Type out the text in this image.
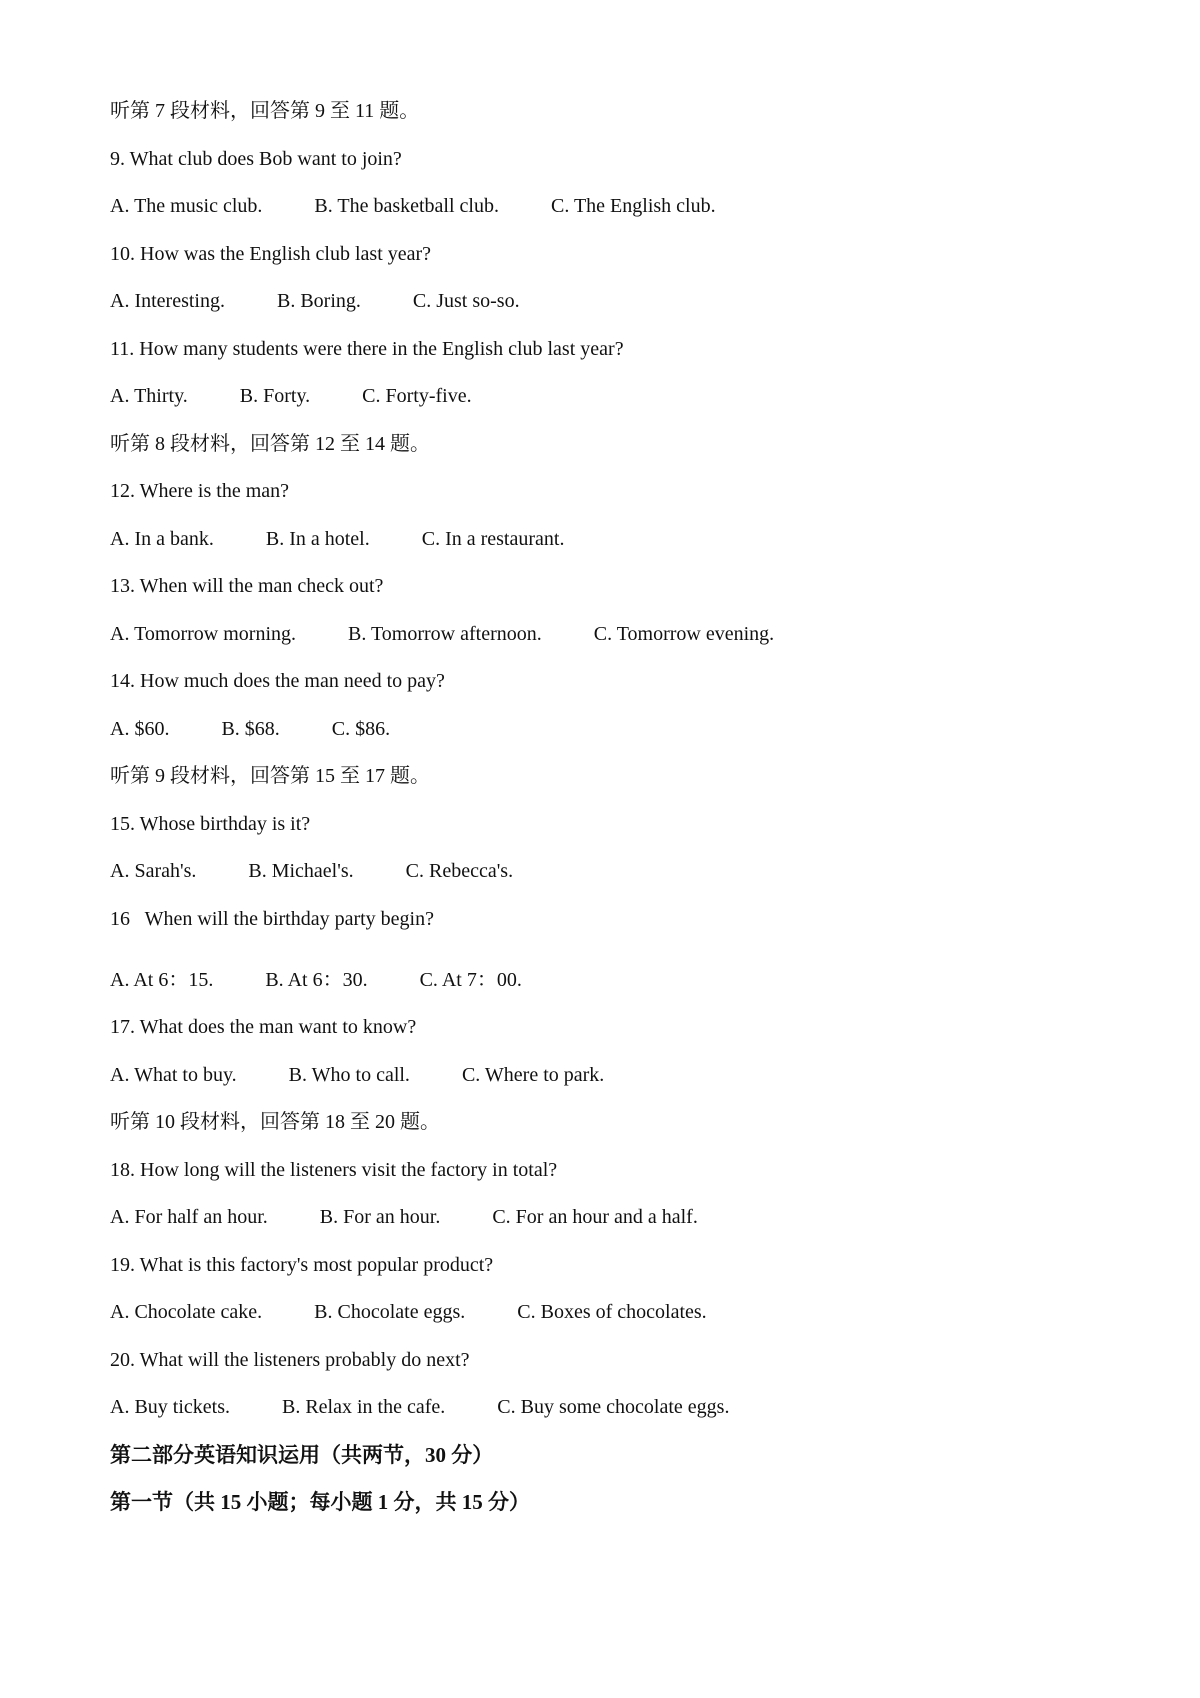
听第 7 段材料，回答第 9 至 11 题。
9. What club does Bob want to join?
A. The music club.	B. The basketball club.	C. The English club.
10. How was the English club last year?
A. Interesting.	B. Boring.	C. Just so-so.
11. How many students were there in the English club last year?
A. Thirty.	B. Forty.	C. Forty-five.
听第 8 段材料，回答第 12 至 14 题。
12. Where is the man?
A. In a bank.	B. In a hotel.	C. In a restaurant.
13. When will the man check out?
A. Tomorrow morning.	B. Tomorrow afternoon.	C. Tomorrow evening.
14. How much does the man need to pay?
A. $60.	B. $68.	C. $86.
听第 9 段材料，回答第 15 至 17 题。
15. Whose birthday is it?
A. Sarah's.	B. Michael's.	C. Rebecca's.
16   When will the birthday party begin?
A. At 6：15.	B. At 6：30.	C. At 7：00.
17. What does the man want to know?
A. What to buy.	B. Who to call.	C. Where to park.
听第 10 段材料，回答第 18 至 20 题。
18. How long will the listeners visit the factory in total?
A. For half an hour.	B. For an hour.	C. For an hour and a half.
19. What is this factory's most popular product?
A. Chocolate cake.	B. Chocolate eggs.	C. Boxes of chocolates.
20. What will the listeners probably do next?
A. Buy tickets.	B. Relax in the cafe.	C. Buy some chocolate eggs.
第二部分英语知识运用（共两节，30 分）
第一节（共 15 小题；每小题 1 分，共 15 分）
